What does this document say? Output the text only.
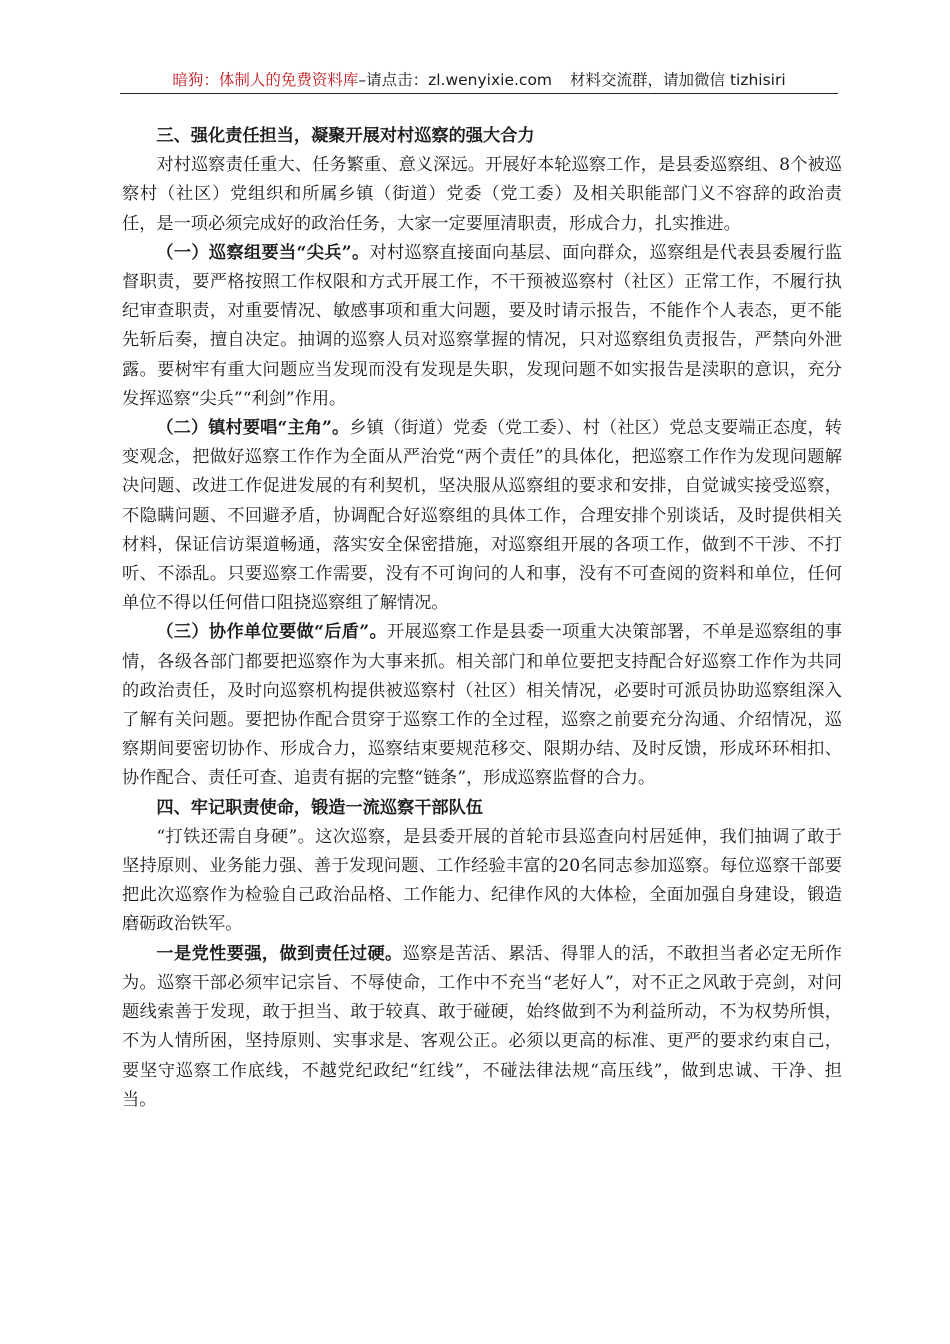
暗狗：体制人的免费资料库–请点击：zl.wenyixie.com 材料交流群，请加微信 tizhisiri
三、强化责任担当，凝聚开展对村巡察的强大合力

对村巡察责任重大、任务繁重、意义深远。开展好本轮巡察工作，是县委巡察组、8个被巡察村（社区）党组织和所属乡镇（街道）党委（党工委）及相关职能部门义不容辞的政治责任，是一项必须完成好的政治任务，大家一定要厘清职责，形成合力，扎实推进。

（一）巡察组要当“尖兵”。对村巡察直接面向基层、面向群众，巡察组是代表县委履行监督职责，要严格按照工作权限和方式开展工作，不干预被巡察村（社区）正常工作，不履行执纪审查职责，对重要情况、敏感事项和重大问题，要及时请示报告，不能作个人表态，更不能先斩后奏，擅自决定。抽调的巡察人员对巡察掌握的情况，只对巡察组负责报告，严禁向外泄露。要树牢有重大问题应当发现而没有发现是失职，发现问题不如实报告是渎职的意识，充分发挥巡察“尖兵”“利剑”作用。

（二）镇村要唱“主角”。乡镇（街道）党委（党工委）、村（社区）党总支要端正态度，转变观念，把做好巡察工作作为全面从严治党“两个责任”的具体化，把巡察工作作为发现问题解决问题、改进工作促进发展的有利契机，坚决服从巡察组的要求和安排，自觉诚实接受巡察，不隐瞒问题、不回避矛盾，协调配合好巡察组的具体工作，合理安排个别谈话，及时提供相关材料，保证信访渠道畅通，落实安全保密措施，对巡察组开展的各项工作，做到不干涉、不打听、不添乱。只要巡察工作需要，没有不可询问的人和事，没有不可查阅的资料和单位，任何单位不得以任何借口阻挠巡察组了解情况。

（三）协作单位要做“后盾”。开展巡察工作是县委一项重大决策部署，不单是巡察组的事情，各级各部门都要把巡察作为大事来抓。相关部门和单位要把支持配合好巡察工作作为共同的政治责任，及时向巡察机构提供被巡察村（社区）相关情况，必要时可派员协助巡察组深入了解有关问题。要把协作配合贯穿于巡察工作的全过程，巡察之前要充分沟通、介绍情况，巡察期间要密切协作、形成合力，巡察结束要规范移交、限期办结、及时反馈，形成环环相扣、协作配合、责任可查、追责有据的完整“链条”，形成巡察监督的合力。

四、牢记职责使命，锻造一流巡察干部队伍

“打铁还需自身硬”。这次巡察，是县委开展的首轮市县巡查向村居延伸，我们抽调了敢于坚持原则、业务能力强、善于发现问题、工作经验丰富的20名同志参加巡察。每位巡察干部要把此次巡察作为检验自己政治品格、工作能力、纪律作风的大体检，全面加强自身建设，锻造磨砺政治铁军。

一是党性要强，做到责任过硬。巡察是苦活、累活、得罪人的活，不敢担当者必定无所作为。巡察干部必须牢记宗旨、不辱使命，工作中不充当“老好人”，对不正之风敢于亮剑，对问题线索善于发现，敢于担当、敢于较真、敢于碰硬，始终做到不为利益所动，不为权势所惧，不为人情所困，坚持原则、实事求是、客观公正。必须以更高的标准、更严的要求约束自己，要坚守巡察工作底线，不越党纪政纪“红线”，不碰法律法规“高压线”，做到忠诚、干净、担当。
